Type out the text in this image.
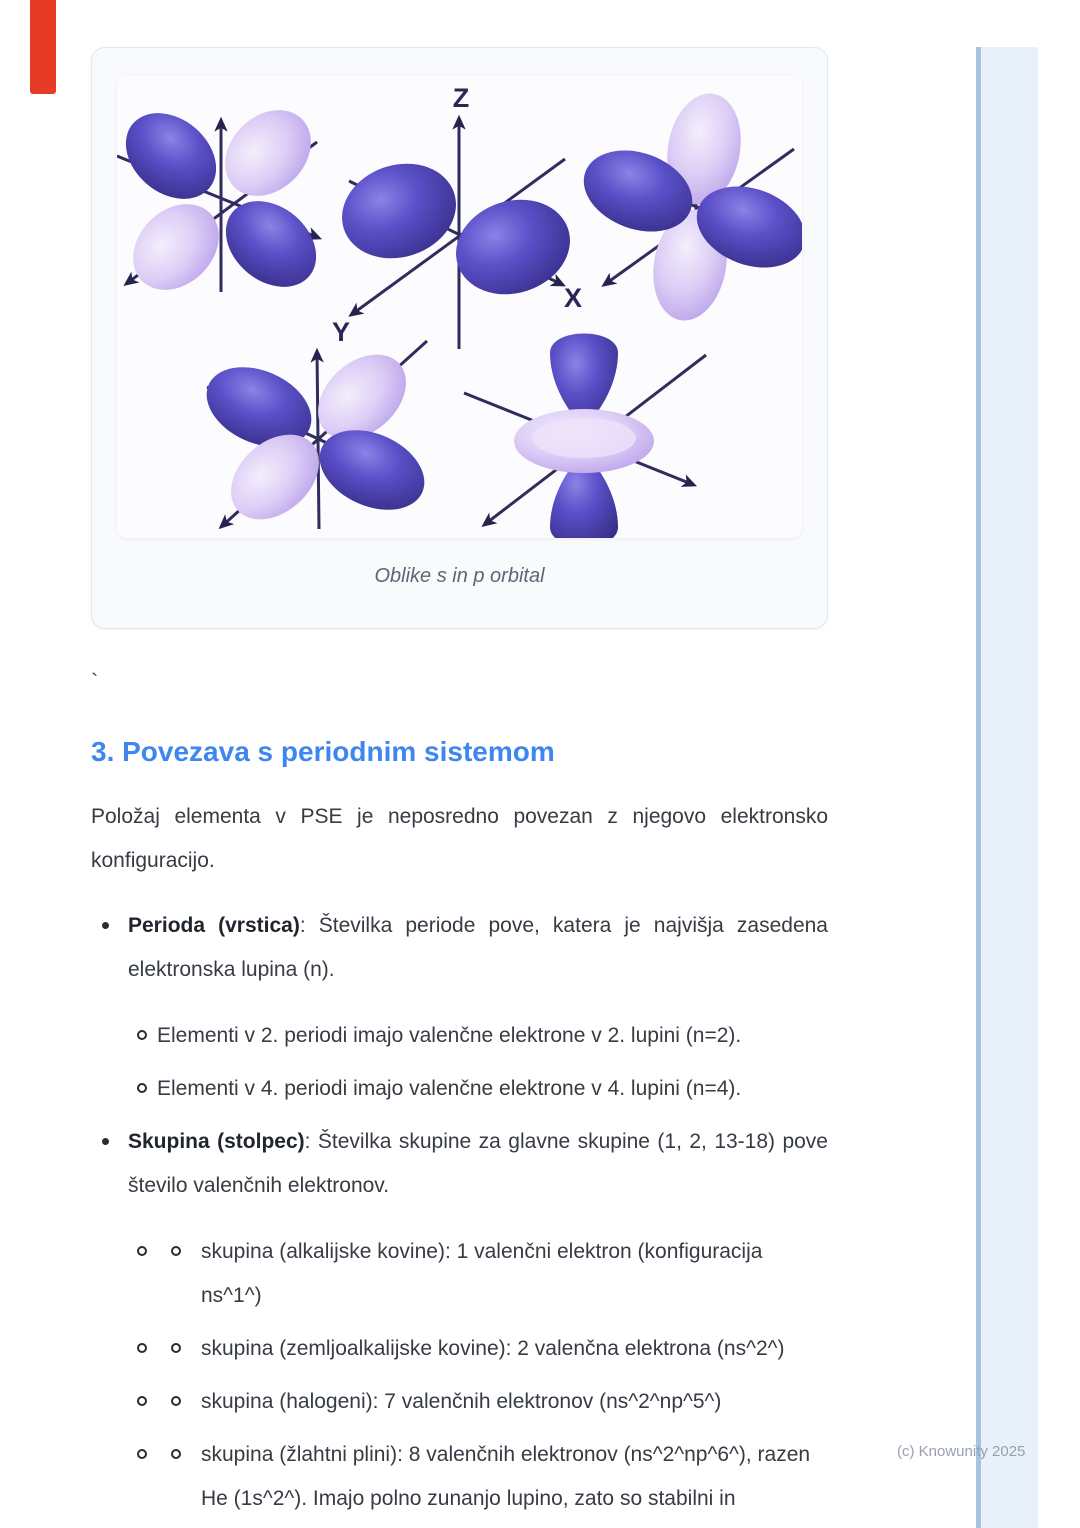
Z
X
Y
Oblike s in p orbital
`
3. Povezava s periodnim sistemom

Položaj elementa v PSE je neposredno povezan z njegovo elektronsko konfiguracijo.

Perioda (vrstica): Številka periode pove, katera je najvišja zasedena elektronska lupina (n).
Elementi v 2. periodi imajo valenčne elektrone v 2. lupini (n=2).
Elementi v 4. periodi imajo valenčne elektrone v 4. lupini (n=4).
Skupina (stolpec): Številka skupine za glavne skupine (1, 2, 13-18) pove število valenčnih elektronov.
skupina (alkalijske kovine): 1 valenčni elektron (konfiguracija ns^1^)
skupina (zemljoalkalijske kovine): 2 valenčna elektrona (ns^2^)
skupina (halogeni): 7 valenčnih elektronov (ns^2^np^5^)
skupina (žlahtni plini): 8 valenčnih elektronov (ns^2^np^6^), razen He (1s^2^). Imajo polno zunanjo lupino, zato so stabilni in
(c) Knowunity 2025
